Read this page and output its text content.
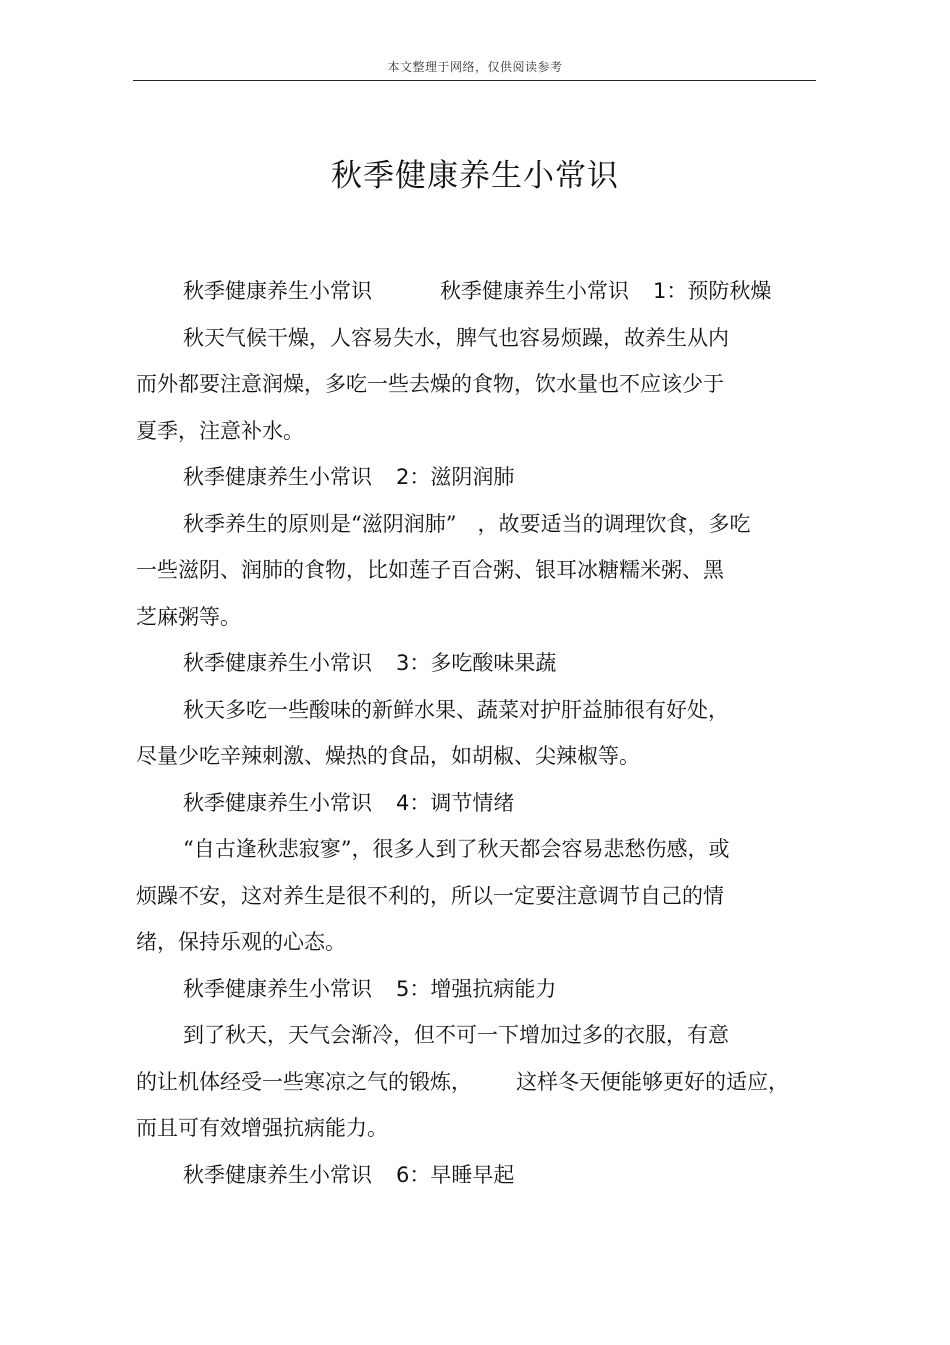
本文整理于网络，仅供阅读参考
秋季健康养生小常识
秋季健康养生小常识	秋季健康养生小常识 1：预防秋燥
秋天气候干燥，人容易失水，脾气也容易烦躁，故养生从内
而外都要注意润燥，多吃一些去燥的食物，饮水量也不应该少于
夏季，注意补水。
秋季健康养生小常识 2：滋阴润肺
秋季养生的原则是“滋阴润肺”　，故要适当的调理饮食，多吃
一些滋阴、润肺的食物，比如莲子百合粥、银耳冰糖糯米粥、黑
芝麻粥等。
秋季健康养生小常识 3：多吃酸味果蔬
秋天多吃一些酸味的新鲜水果、蔬菜对护肝益肺很有好处，
尽量少吃辛辣刺激、燥热的食品，如胡椒、尖辣椒等。
秋季健康养生小常识 4：调节情绪
“自古逢秋悲寂寥”，很多人到了秋天都会容易悲愁伤感，或
烦躁不安，这对养生是很不利的，所以一定要注意调节自己的情
绪，保持乐观的心态。
秋季健康养生小常识 5：增强抗病能力
到了秋天，天气会渐冷，但不可一下增加过多的衣服，有意
的让机体经受一些寒凉之气的锻炼， 这样冬天便能够更好的适应，
而且可有效增强抗病能力。
秋季健康养生小常识 6：早睡早起
